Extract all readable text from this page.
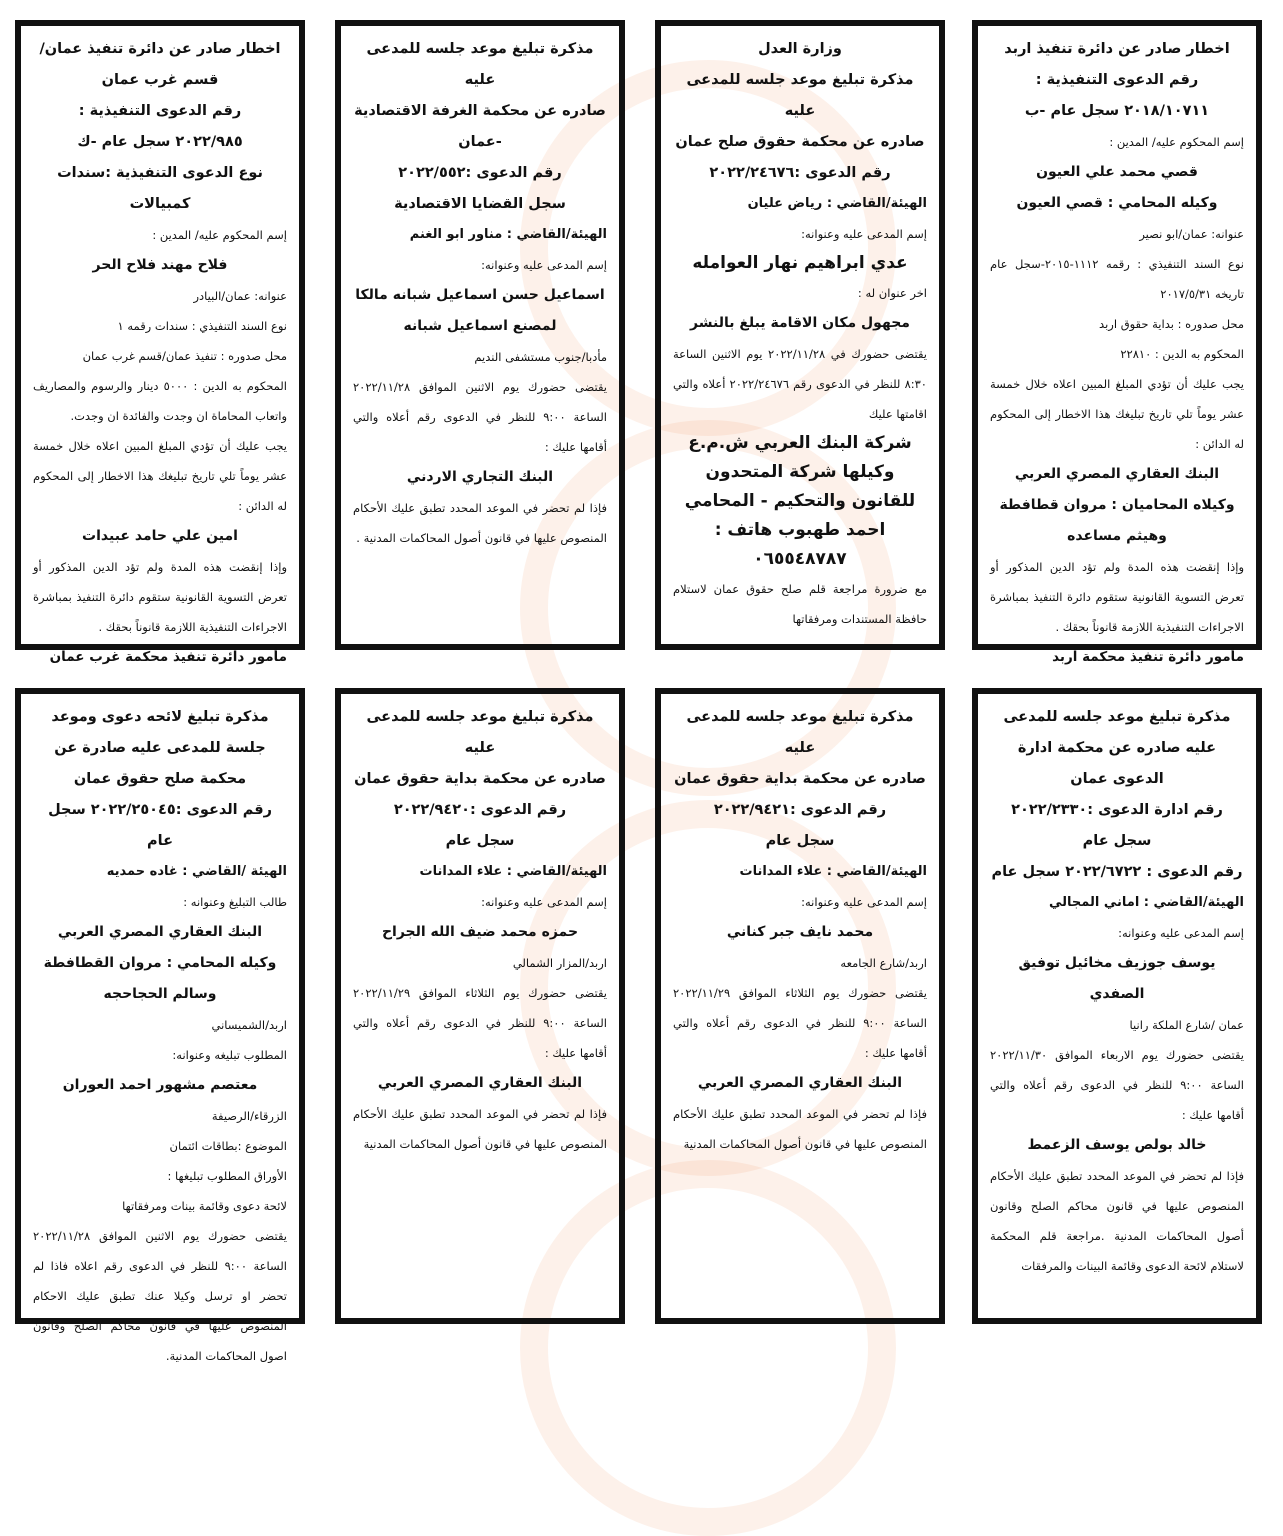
اخطار صادر عن دائرة تنفيذ اربد
رقم الدعوى التنفيذية :
٢٠١٨/١٠٧١١ سجل عام -ب
إسم المحكوم عليه/ المدين :
قصي محمد علي العيون
وكيله المحامي : قصي العيون
عنوانه: عمان/ابو نصير
نوع السند التنفيذي : رقمه ١١١٢-٢٠١٥-سجل عام تاريخه ٢٠١٧/٥/٣١
محل صدوره : بداية حقوق اربد
المحكوم به الدين : ٢٢٨١٠
يجب عليك أن تؤدي المبلغ المبين اعلاه خلال خمسة عشر يوماً تلي تاريخ تبليغك هذا الاخطار إلى المحكوم له الدائن :
البنك العقاري المصري العربي
وكيلاه المحاميان : مروان قطافطة وهيثم مساعده
وإذا إنقضت هذه المدة ولم تؤد الدين المذكور أو تعرض التسوية القانونية ستقوم دائرة التنفيذ بمباشرة الاجراءات التنفيذية اللازمة قانوناً بحقك .
مأمور دائرة تنفيذ محكمة اربد
وزارة العدل
مذكرة تبليغ موعد جلسه للمدعى عليه
صادره عن محكمة حقوق صلح عمان
رقم الدعوى :٢٠٢٢/٢٤٦٧٦
الهيئة/القاضي : رياض عليان
إسم المدعى عليه وعنوانه:
عدي ابراهيم نهار العوامله
اخر عنوان له :
مجهول مكان الاقامة يبلغ بالنشر
يقتضى حضورك في ٢٠٢٢/١١/٢٨ يوم الاثنين الساعة ٨:٣٠ للنظر في الدعوى رقم ٢٠٢٢/٢٤٦٧٦ أعلاه والتي اقامتها عليك
شركة البنك العربي ش.م.ع وكيلها شركة المتحدون للقانون والتحكيم - المحامي احمد طهبوب هاتف : ٠٦٥٥٤٨٧٨٧
مع ضرورة مراجعة قلم صلح حقوق عمان لاستلام حافظة المستندات ومرفقاتها
مذكرة تبليغ موعد جلسه للمدعى عليه
صادره عن محكمة الغرفة الاقتصادية -عمان
رقم الدعوى :٢٠٢٢/٥٥٢
سجل القضايا الاقتصادية
الهيئة/القاضي : مناور ابو الغنم
إسم المدعى عليه وعنوانه:
اسماعيل حسن اسماعيل شبانه مالكا لمصنع اسماعيل شبانه
مأدبا/جنوب مستشفى النديم
يقتضى حضورك يوم الاثنين الموافق ٢٠٢٢/١١/٢٨ الساعة ٩:٠٠ للنظر في الدعوى رقم أعلاه والتي أقامها عليك :
البنك التجاري الاردني
فإذا لم تحضر في الموعد المحدد تطبق عليك الأحكام المنصوص عليها في قانون أصول المحاكمات المدنية .
اخطار صادر عن دائرة تنفيذ عمان/قسم غرب عمان
رقم الدعوى التنفيذية :
٢٠٢٢/٩٨٥ سجل عام -ك
نوع الدعوى التنفيذية :سندات كمبيالات
إسم المحكوم عليه/ المدين :
فلاح مهند فلاح الحر
عنوانه: عمان/البيادر
نوع السند التنفيذي : سندات رقمه ١
محل صدوره : تنفيذ عمان/قسم غرب عمان
المحكوم به الدين : ٥٠٠٠ دينار والرسوم والمصاريف واتعاب المحاماة ان وجدت والفائدة ان وجدت.
يجب عليك أن تؤدي المبلغ المبين اعلاه خلال خمسة عشر يوماً تلي تاريخ تبليغك هذا الاخطار إلى المحكوم له الدائن :
امين علي حامد عبيدات
وإذا إنقضت هذه المدة ولم تؤد الدين المذكور أو تعرض التسوية القانونية ستقوم دائرة التنفيذ بمباشرة الاجراءات التنفيذية اللازمة قانوناً بحقك .
مأمور دائرة تنفيذ محكمة غرب عمان
مذكرة تبليغ موعد جلسه للمدعى عليه صادره عن محكمة ادارة الدعوى عمان
رقم ادارة الدعوى :٢٠٢٢/٢٣٣٠
سجل عام
رقم الدعوى : ٢٠٢٢/٦٧٢٢ سجل عام
الهيئة/القاضي : اماني المجالي
إسم المدعى عليه وعنوانه:
يوسف جوزيف مخائيل توفيق الصفدي
عمان /شارع الملكة رانيا
يقتضى حضورك يوم الاربعاء الموافق ٢٠٢٢/١١/٣٠ الساعة ٩:٠٠ للنظر في الدعوى رقم أعلاه والتي أقامها عليك :
خالد بولص يوسف الزعمط
فإذا لم تحضر في الموعد المحدد تطبق عليك الأحكام المنصوص عليها في قانون محاكم الصلح وقانون أصول المحاكمات المدنية .مراجعة قلم المحكمة لاستلام لائحة الدعوى وقائمة البينات والمرفقات
مذكرة تبليغ موعد جلسه للمدعى عليه
صادره عن محكمة بداية حقوق عمان
رقم الدعوى :٢٠٢٢/٩٤٢١
سجل عام
الهيئة/القاضي : علاء المدانات
إسم المدعى عليه وعنوانه:
محمد نايف جبر كناني
اربد/شارع الجامعه
يقتضى حضورك يوم الثلاثاء الموافق ٢٠٢٢/١١/٢٩ الساعة ٩:٠٠ للنظر في الدعوى رقم أعلاه والتي أقامها عليك :
البنك العقاري المصري العربي
فإذا لم تحضر في الموعد المحدد تطبق عليك الأحكام المنصوص عليها في قانون أصول المحاكمات المدنية
مذكرة تبليغ موعد جلسه للمدعى عليه
صادره عن محكمة بداية حقوق عمان
رقم الدعوى :٢٠٢٢/٩٤٢٠
سجل عام
الهيئة/القاضي : علاء المدانات
إسم المدعى عليه وعنوانه:
حمزه محمد ضيف الله الجراح
اربد/المزار الشمالي
يقتضى حضورك يوم الثلاثاء الموافق ٢٠٢٢/١١/٢٩ الساعة ٩:٠٠ للنظر في الدعوى رقم أعلاه والتي أقامها عليك :
البنك العقاري المصري العربي
فإذا لم تحضر في الموعد المحدد تطبق عليك الأحكام المنصوص عليها في قانون أصول المحاكمات المدنية
مذكرة تبليغ لائحه دعوى وموعد جلسة للمدعى عليه صادرة عن محكمة صلح حقوق عمان
رقم الدعوى :٢٠٢٢/٢٥٠٤٥ سجل عام
الهيئة /القاضي : غاده حمديه
طالب التبليغ وعنوانه :
البنك العقاري المصري العربي
وكيله المحامي : مروان القطافطة وسالم الحجاحجه
اربد/الشميساني
المطلوب تبليغه وعنوانه:
معتصم مشهور احمد العوران
الزرقاء/الرصيفة
الموضوع :بطاقات ائتمان
الأوراق المطلوب تبليغها :
لائحة دعوى وقائمة بينات ومرفقاتها
يقتضى حضورك يوم الاثنين الموافق ٢٠٢٢/١١/٢٨ الساعة ٩:٠٠ للنظر في الدعوى رقم اعلاه فاذا لم تحضر او ترسل وكيلا عنك تطبق عليك الاحكام المنصوص عليها في قانون محاكم الصلح وقانون اصول المحاكمات المدنية.
